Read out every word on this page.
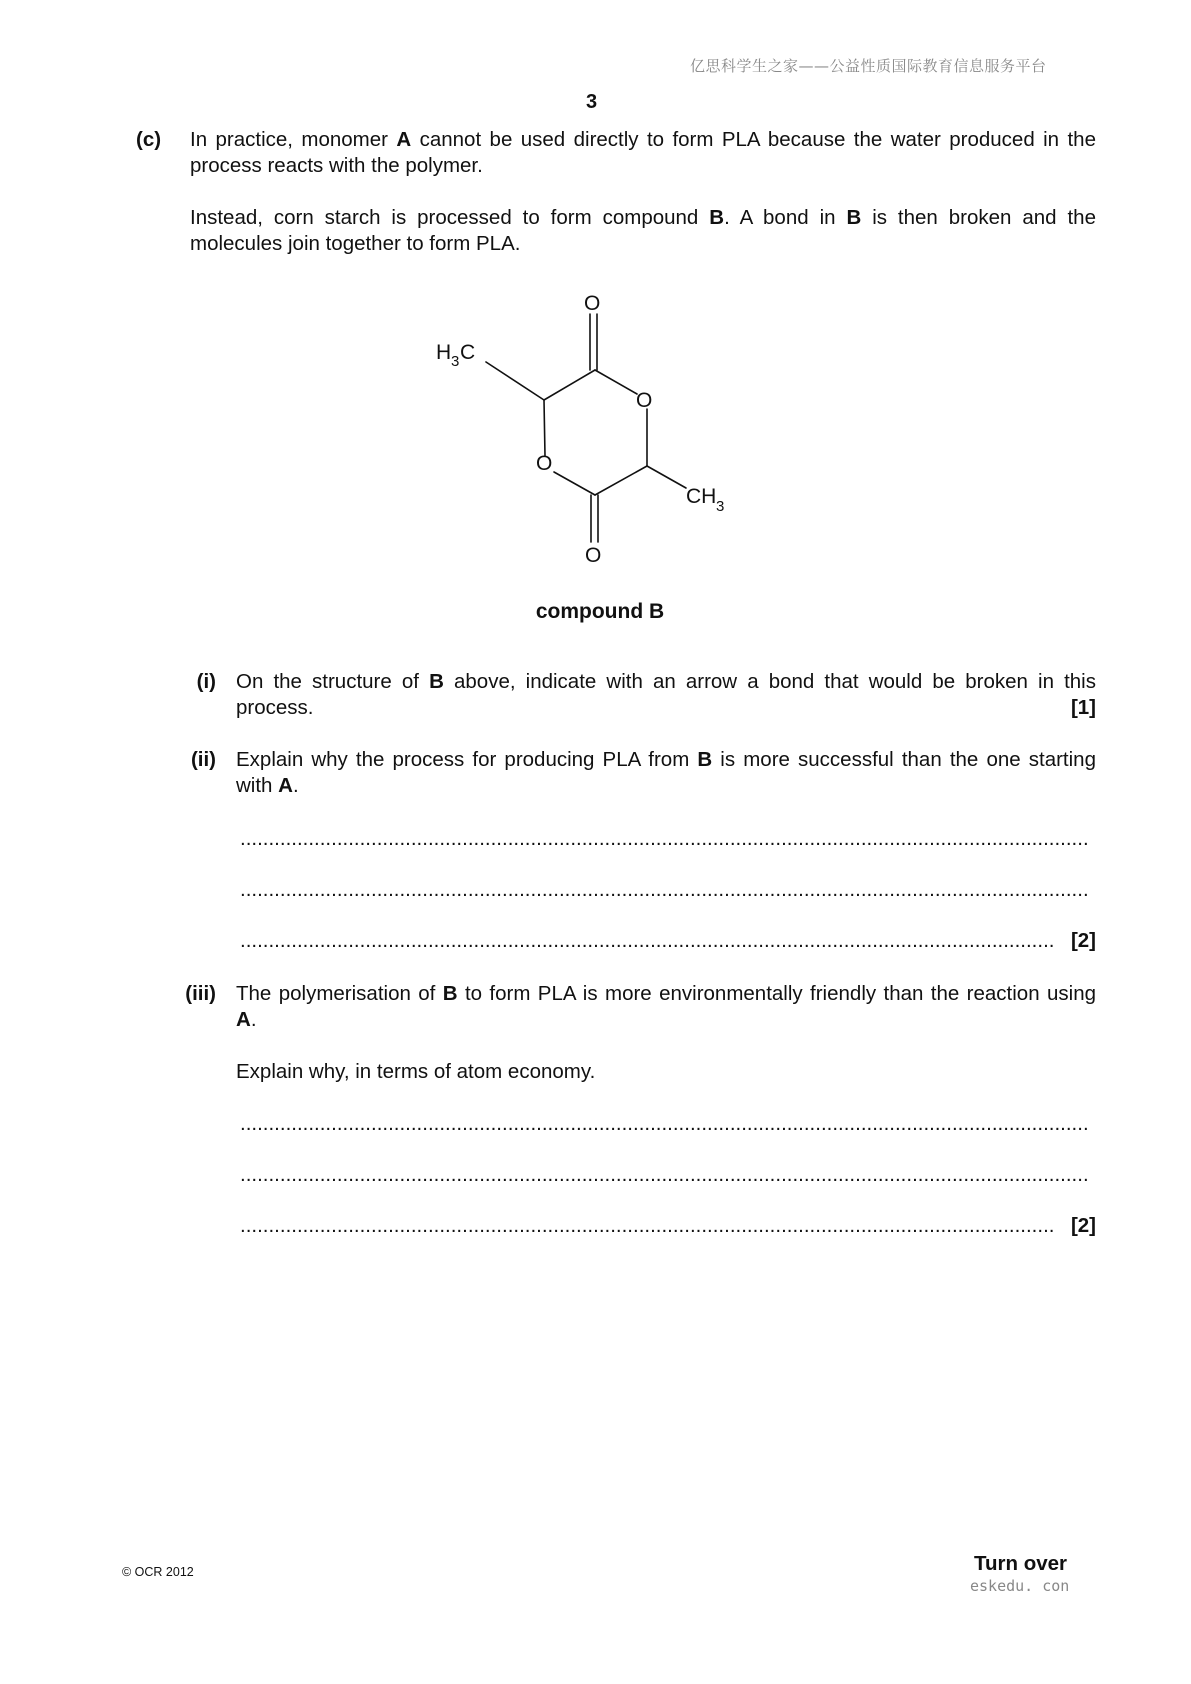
亿思科学生之家——公益性质国际教育信息服务平台
3
(c)	In practice, monomer A cannot be used directly to form PLA because the water produced in the process reacts with the polymer.
Instead, corn starch is processed to form compound B. A bond in B is then broken and the molecules join together to form PLA.
O
O
O
O
H 3 C
CH 3
compound B
(i) On the structure of B above, indicate with an arrow a bond that would be broken in this process.	[1]
(ii) Explain why the process for producing PLA from B is more successful than the one starting with A.
.....................................................................................................................................................
.....................................................................................................................................................
............................................................................................................................................... [2]
(iii) The polymerisation of B to form PLA is more environmentally friendly than the reaction using A.
Explain why, in terms of atom economy.
.....................................................................................................................................................
.....................................................................................................................................................
............................................................................................................................................... [2]
© OCR 2012	Turn over
eskedu. con
